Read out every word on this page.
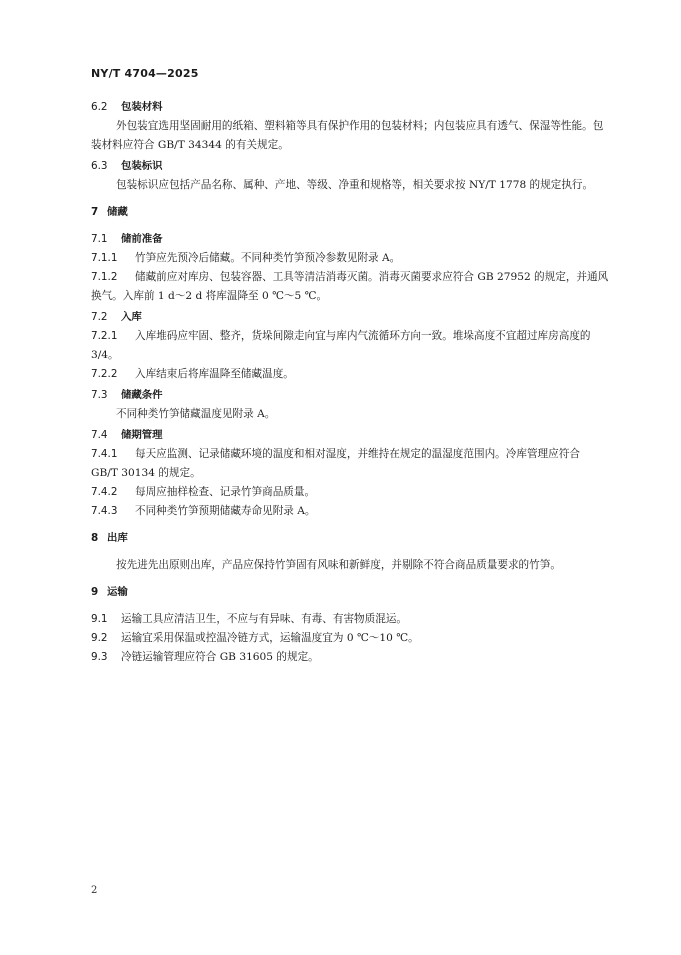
NY/T 4704—2025
6.2 包装材料
外包装宜选用坚固耐用的纸箱、塑料箱等具有保护作用的包装材料；内包装应具有透气、保湿等性能。包装材料应符合 GB/T 34344 的有关规定。
6.3 包装标识
包装标识应包括产品名称、属种、产地、等级、净重和规格等，相关要求按 NY/T 1778 的规定执行。
7 储藏
7.1 储前准备
7.1.1 竹笋应先预冷后储藏。不同种类竹笋预冷参数见附录 A。
7.1.2 储藏前应对库房、包装容器、工具等清洁消毒灭菌。消毒灭菌要求应符合 GB 27952 的规定，并通风换气。入库前 1 d～2 d 将库温降至 0 ℃～5 ℃。
7.2 入库
7.2.1 入库堆码应牢固、整齐，货垛间隙走向宜与库内气流循环方向一致。堆垛高度不宜超过库房高度的 3/4。
7.2.2 入库结束后将库温降至储藏温度。
7.3 储藏条件
不同种类竹笋储藏温度见附录 A。
7.4 储期管理
7.4.1 每天应监测、记录储藏环境的温度和相对湿度，并维持在规定的温湿度范围内。冷库管理应符合 GB/T 30134 的规定。
7.4.2 每周应抽样检查、记录竹笋商品质量。
7.4.3 不同种类竹笋预期储藏寿命见附录 A。
8 出库
按先进先出原则出库，产品应保持竹笋固有风味和新鲜度，并剔除不符合商品质量要求的竹笋。
9 运输
9.1 运输工具应清洁卫生，不应与有异味、有毒、有害物质混运。
9.2 运输宜采用保温或控温冷链方式，运输温度宜为 0 ℃～10 ℃。
9.3 冷链运输管理应符合 GB 31605 的规定。
2
